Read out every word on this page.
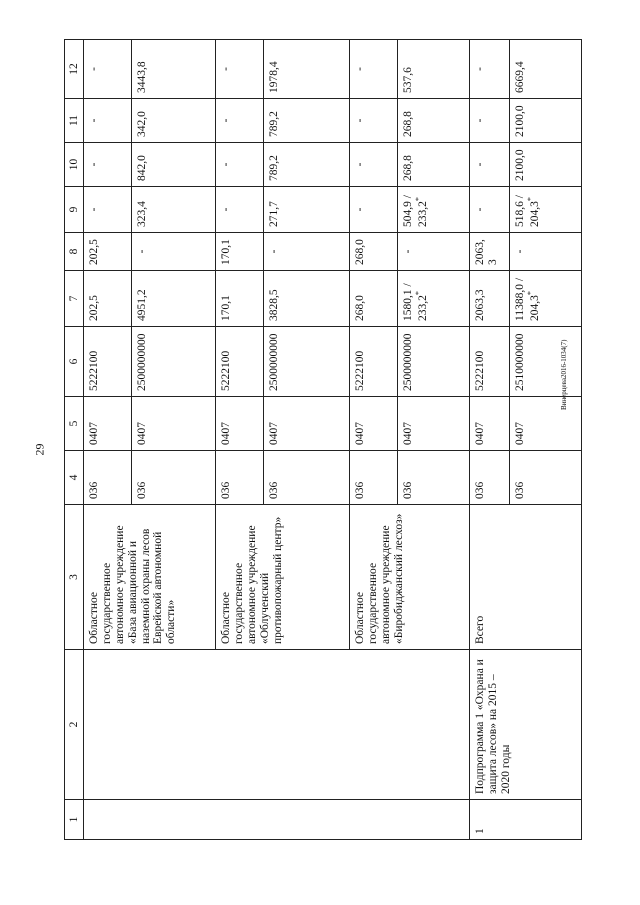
29
Винерцева2016-1034(7)
1	2	3	4	5	6	7	8	9	10	11	12
		Областное государственное автономное учреждение «База авиационной и наземной охраны лесов Еврейской автономной области»	036	0407	5222100	202,5	202,5	-	-	-	-
			036	0407	2500000000	4951,2	-	323,4	842,0	342,0	3443,8
		Областное государственное автономное учреждение «Облученский противопожарный центр»	036	0407	5222100	170,1	170,1	-	-	-	-
			036	0407	2500000000	3828,5	-	271,7	789,2	789,2	1978,4
		Областное государственное автономное учреждение «Биробиджанский лесхоз»	036	0407	5222100	268,0	268,0	-	-	-	-
			036	0407	2500000000	1580,1 / 233,2*	-	504,9 / 233,2*	268,8	268,8	537,6
1	Подпрограмма 1 «Охрана и защита лесов» на 2015 – 2020 годы	Всего	036	0407	5222100	2063,3	2063,3	-	-	-	-
			036	0407	2510000000	11388,0 / 204,3*	-	518,6 / 204,3*	2100,0	2100,0	6669,4
